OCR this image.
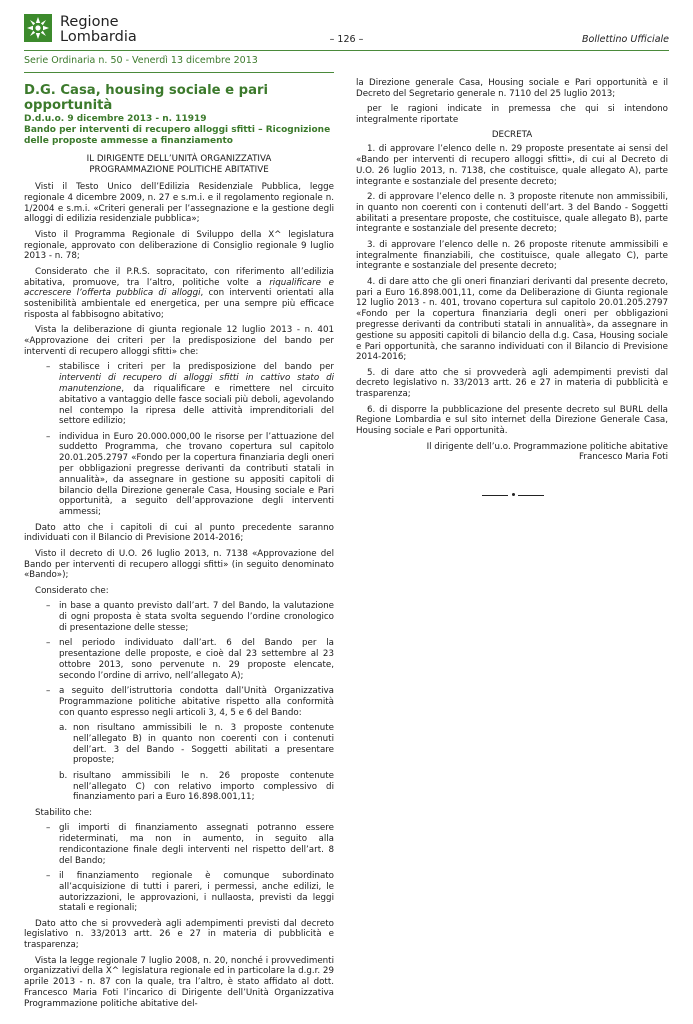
Regione
Lombardia	– 126 –	Bollettino Ufficiale
Serie Ordinaria n. 50 - Venerdì 13 dicembre 2013
D.G. Casa, housing sociale e pari opportunità
D.d.u.o. 9 dicembre 2013 - n. 11919
Bando per interventi di recupero alloggi sfitti – Ricognizione delle proposte ammesse a finanziamento

IL DIRIGENTE DELL’UNITÀ ORGANIZZATIVA

PROGRAMMAZIONE POLITICHE ABITATIVE

Visti il Testo Unico dell’Edilizia Residenziale Pubblica, legge regionale 4 dicembre 2009, n. 27 e s.m.i. e il regolamento regionale n. 1/2004 e s.m.i. «Criteri generali per l’assegnazione e la gestione degli alloggi di edilizia residenziale pubblica»;

Visto il Programma Regionale di Sviluppo della X^ legislatura regionale, approvato con deliberazione di Consiglio regionale 9 luglio 2013 - n. 78;

Considerato che il P.R.S. sopracitato, con riferimento all’edilizia abitativa, promuove, tra l’altro, politiche volte a riqualificare e accrescere l’offerta pubblica di alloggi, con interventi orientati alla sostenibilità ambientale ed energetica, per una sempre più efficace risposta al fabbisogno abitativo;

Vista la deliberazione di giunta regionale 12 luglio 2013 - n. 401 «Approvazione dei criteri per la predisposizione del bando per interventi di recupero alloggi sfitti» che:

– stabilisce i criteri per la predisposizione del bando per interventi di recupero di alloggi sfitti in cattivo stato di manutenzione, da riqualificare e rimettere nel circuito abitativo a vantaggio delle fasce sociali più deboli, agevolando nel contempo la ripresa delle attività imprenditoriali del settore edilizio;
– individua in Euro 20.000.000,00 le risorse per l’attuazione del suddetto Programma, che trovano copertura sul capitolo 20.01.205.2797 «Fondo per la copertura finanziaria degli oneri per obbligazioni pregresse derivanti da contributi statali in annualità», da assegnare in gestione su appositi capitoli di bilancio della Direzione generale Casa, Housing sociale e Pari opportunità, a seguito dell’approvazione degli interventi ammessi;

Dato atto che i capitoli di cui al punto precedente saranno individuati con il Bilancio di Previsione 2014-2016;

Visto il decreto di U.O. 26 luglio 2013, n. 7138 «Approvazione del Bando per interventi di recupero alloggi sfitti» (in seguito denominato «Bando»);

Considerato che:

– in base a quanto previsto dall’art. 7 del Bando, la valutazione di ogni proposta è stata svolta seguendo l’ordine cronologico di presentazione delle stesse;
– nel periodo individuato dall’art. 6 del Bando per la presentazione delle proposte, e cioè dal 23 settembre al 23 ottobre 2013, sono pervenute n. 29 proposte elencate, secondo l’ordine di arrivo, nell’allegato A);
– a seguito dell’istruttoria condotta dall’Unità Organizzativa Programmazione politiche abitative rispetto alla conformità con quanto espresso negli articoli 3, 4, 5 e 6 del Bando:
a. non risultano ammissibili le n. 3 proposte contenute nell’allegato B) in quanto non coerenti con i contenuti dell’art. 3 del Bando - Soggetti abilitati a presentare proposte;
b. risultano ammissibili le n. 26 proposte contenute nell’allegato C) con relativo importo complessivo di finanziamento pari a Euro 16.898.001,11;

Stabilito che:

– gli importi di finanziamento assegnati potranno essere rideterminati, ma non in aumento, in seguito alla rendicontazione finale degli interventi nel rispetto dell’art. 8 del Bando;
– il finanziamento regionale è comunque subordinato all’acquisizione di tutti i pareri, i permessi, anche edilizi, le autorizzazioni, le approvazioni, i nullaosta, previsti da leggi statali e regionali;

Dato atto che si provvederà agli adempimenti previsti dal decreto legislativo n. 33/2013 artt. 26 e 27 in materia di pubblicità e trasparenza;

Vista la legge regionale 7 luglio 2008, n. 20, nonché i provvedimenti organizzativi della X^ legislatura regionale ed in particolare la d.g.r. 29 aprile 2013 - n. 87 con la quale, tra l’altro, è stato affidato al dott. Francesco Maria Foti l’incarico di Dirigente dell’Unità Organizzativa Programmazione politiche abitative del-

la Direzione generale Casa, Housing sociale e Pari opportunità e il Decreto del Segretario generale n. 7110 del 25 luglio 2013;

per le ragioni indicate in premessa che qui si intendono integralmente riportate

DECRETA

1. di approvare l’elenco delle n. 29 proposte presentate ai sensi del «Bando per interventi di recupero alloggi sfitti», di cui al Decreto di U.O. 26 luglio 2013, n. 7138, che costituisce, quale allegato A), parte integrante e sostanziale del presente decreto;

2. di approvare l’elenco delle n. 3 proposte ritenute non ammissibili, in quanto non coerenti con i contenuti dell’art. 3 del Bando - Soggetti abilitati a presentare proposte, che costituisce, quale allegato B), parte integrante e sostanziale del presente decreto;

3. di approvare l’elenco delle n. 26 proposte ritenute ammissibili e integralmente finanziabili, che costituisce, quale allegato C), parte integrante e sostanziale del presente decreto;

4. di dare atto che gli oneri finanziari derivanti dal presente decreto, pari a Euro 16.898.001,11, come da Deliberazione di Giunta regionale 12 luglio 2013 - n. 401, trovano copertura sul capitolo 20.01.205.2797 «Fondo per la copertura finanziaria degli oneri per obbligazioni pregresse derivanti da contributi statali in annualità», da assegnare in gestione su appositi capitoli di bilancio della d.g. Casa, Housing sociale e Pari opportunità, che saranno individuati con il Bilancio di Previsione 2014-2016;

5. di dare atto che si provvederà agli adempimenti previsti dal decreto legislativo n. 33/2013 artt. 26 e 27 in materia di pubblicità e trasparenza;

6. di disporre la pubblicazione del presente decreto sul BURL della Regione Lombardia e sul sito internet della Direzione Generale Casa, Housing sociale e Pari opportunità.

Il dirigente dell’u.o. Programmazione politiche abitative

Francesco Maria Foti
